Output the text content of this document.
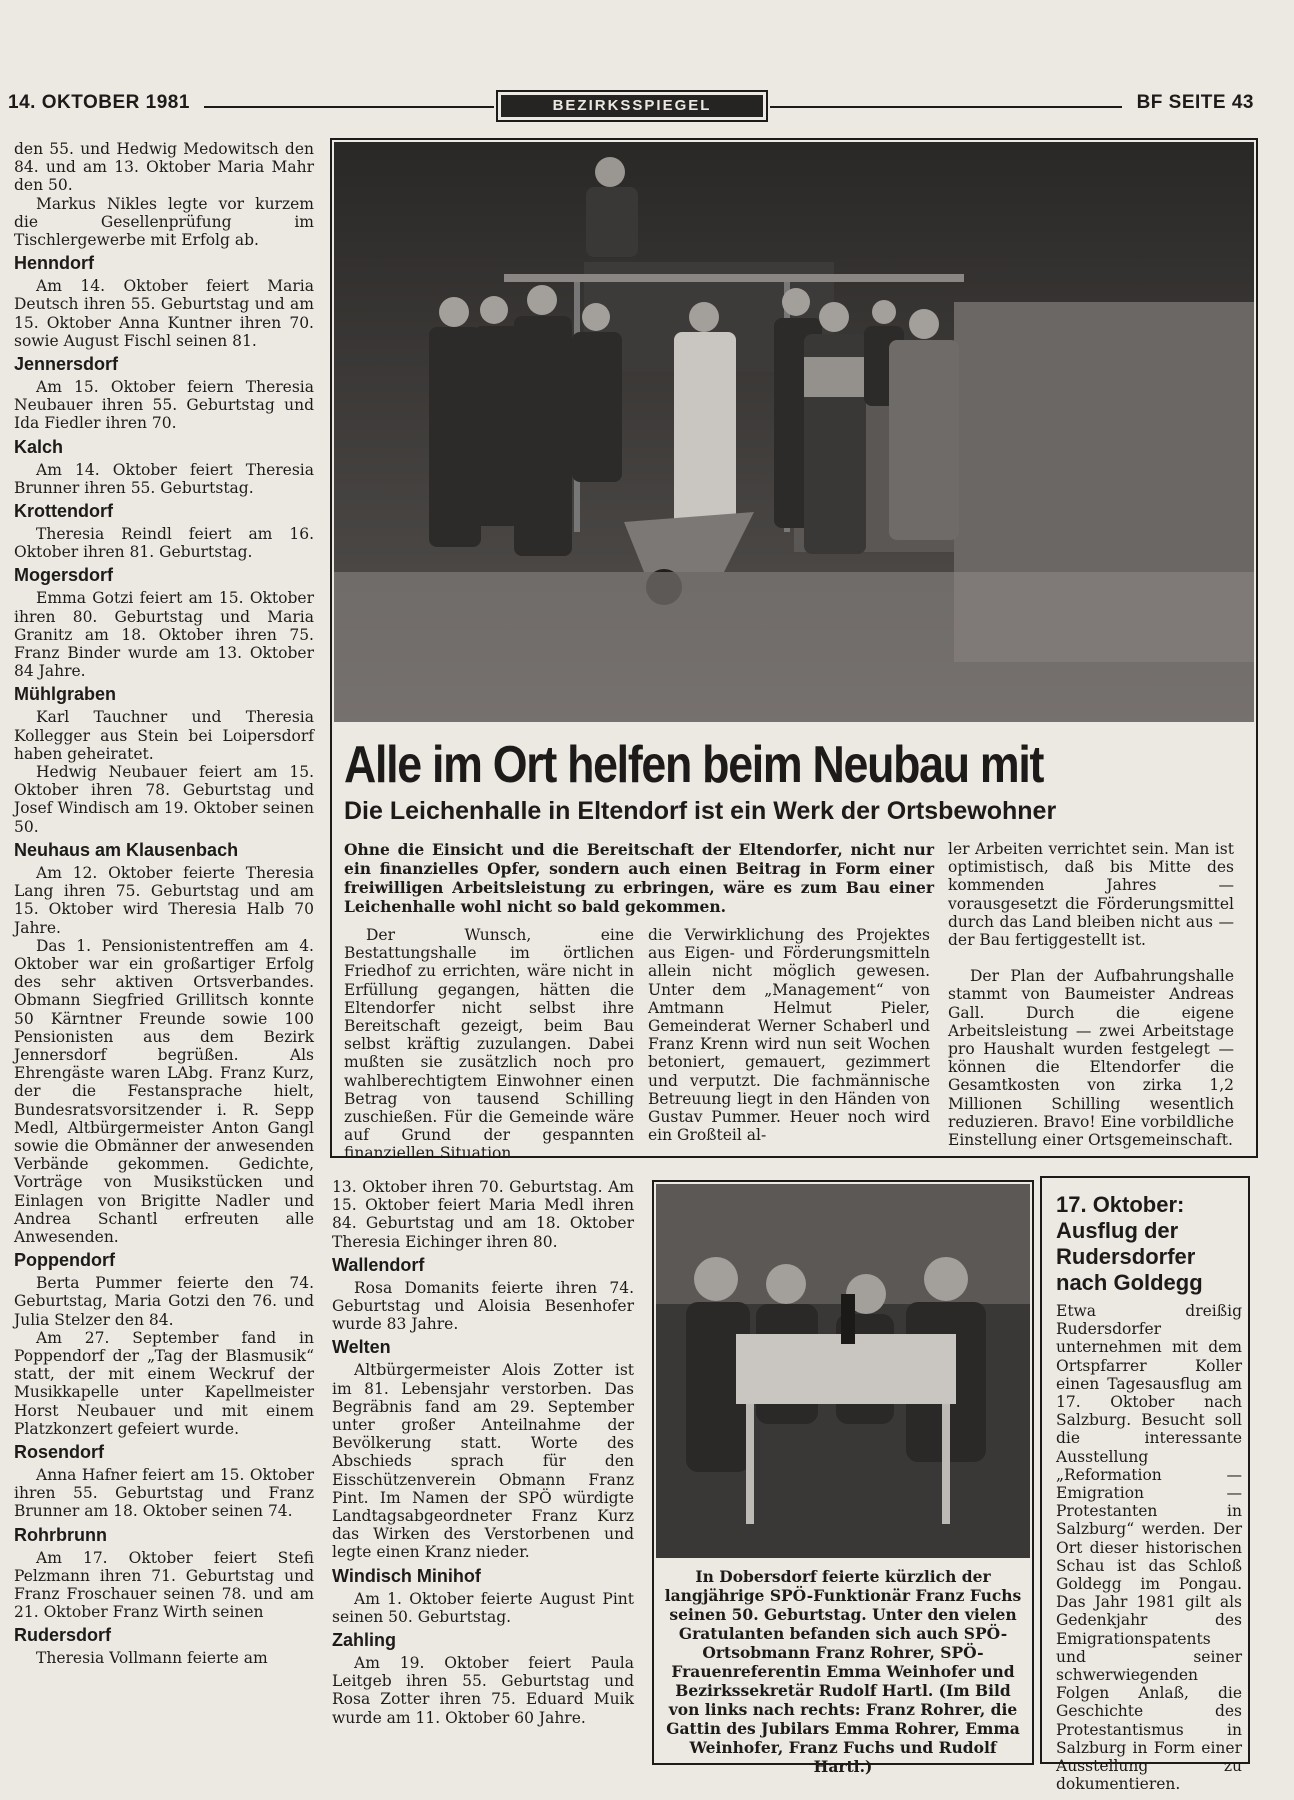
14. OKTOBER 1981	BEZIRKSSPIEGEL	BF SEITE 43

den 55. und Hedwig Medowitsch den 84. und am 13. Oktober Maria Mahr den 50.

Markus Nikles legte vor kurzem die Gesellenprüfung im Tischlergewerbe mit Erfolg ab.

Henndorf

Am 14. Oktober feiert Maria Deutsch ihren 55. Geburtstag und am 15. Oktober Anna Kuntner ihren 70. sowie August Fischl seinen 81.

Jennersdorf

Am 15. Oktober feiern Theresia Neubauer ihren 55. Geburtstag und Ida Fiedler ihren 70.

Kalch

Am 14. Oktober feiert Theresia Brunner ihren 55. Geburtstag.

Krottendorf

Theresia Reindl feiert am 16. Oktober ihren 81. Geburtstag.

Mogersdorf

Emma Gotzi feiert am 15. Oktober ihren 80. Geburtstag und Maria Granitz am 18. Oktober ihren 75. Franz Binder wurde am 13. Oktober 84 Jahre.

Mühlgraben

Karl Tauchner und Theresia Kollegger aus Stein bei Loipersdorf haben geheiratet.

Hedwig Neubauer feiert am 15. Oktober ihren 78. Geburtstag und Josef Windisch am 19. Oktober seinen 50.

Neuhaus am Klausenbach

Am 12. Oktober feierte Theresia Lang ihren 75. Geburtstag und am 15. Oktober wird Theresia Halb 70 Jahre.

Das 1. Pensionistentreffen am 4. Oktober war ein großartiger Erfolg des sehr aktiven Ortsverbandes. Obmann Siegfried Grillitsch konnte 50 Kärntner Freunde sowie 100 Pensionisten aus dem Bezirk Jennersdorf begrüßen. Als Ehrengäste waren LAbg. Franz Kurz, der die Festansprache hielt, Bundesratsvorsitzender i. R. Sepp Medl, Altbürgermeister Anton Gangl sowie die Obmänner der anwesenden Verbände gekommen. Gedichte, Vorträge von Musikstücken und Einlagen von Brigitte Nadler und Andrea Schantl erfreuten alle Anwesenden.

Poppendorf

Berta Pummer feierte den 74. Geburtstag, Maria Gotzi den 76. und Julia Stelzer den 84.

Am 27. September fand in Poppendorf der „Tag der Blasmusik“ statt, der mit einem Weckruf der Musikkapelle unter Kapellmeister Horst Neubauer und mit einem Platzkonzert gefeiert wurde.

Rosendorf

Anna Hafner feiert am 15. Oktober ihren 55. Geburtstag und Franz Brunner am 18. Oktober seinen 74.

Rohrbrunn

Am 17. Oktober feiert Stefi Pelzmann ihren 71. Geburtstag und Franz Froschauer seinen 78. und am 21. Oktober Franz Wirth seinen

Rudersdorf

Theresia Vollmann feierte am

Alle im Ort helfen beim Neubau mit
Die Leichenhalle in Eltendorf ist ein Werk der Ortsbewohner
Ohne die Einsicht und die Bereitschaft der Eltendorfer, nicht nur ein finanzielles Opfer, sondern auch einen Beitrag in Form einer freiwilligen Arbeitsleistung zu erbringen, wäre es zum Bau einer Leichenhalle wohl nicht so bald gekommen.

Der Wunsch, eine Bestattungshalle im örtlichen Friedhof zu errichten, wäre nicht in Erfüllung gegangen, hätten die Eltendorfer nicht selbst ihre Bereitschaft gezeigt, beim Bau selbst kräftig zuzulangen. Dabei mußten sie zusätzlich noch pro wahlberechtigtem Einwohner einen Betrag von tausend Schilling zuschießen. Für die Gemeinde wäre auf Grund der gespannten finanziellen Situation

die Verwirklichung des Projektes aus Eigen- und Förderungsmitteln allein nicht möglich gewesen. Unter dem „Management“ von Amtmann Helmut Pieler, Gemeinderat Werner Schaberl und Franz Krenn wird nun seit Wochen betoniert, gemauert, gezimmert und verputzt. Die fachmännische Betreuung liegt in den Händen von Gustav Pummer. Heuer noch wird ein Großteil al-

ler Arbeiten verrichtet sein. Man ist optimistisch, daß bis Mitte des kommenden Jahres — vorausgesetzt die Förderungsmittel durch das Land bleiben nicht aus — der Bau fertiggestellt ist.

Der Plan der Aufbahrungshalle stammt von Baumeister Andreas Gall. Durch die eigene Arbeitsleistung — zwei Arbeitstage pro Haushalt wurden festgelegt — können die Eltendorfer die Gesamtkosten von zirka 1,2 Millionen Schilling wesentlich reduzieren. Bravo! Eine vorbildliche Einstellung einer Ortsgemeinschaft.

13. Oktober ihren 70. Geburtstag. Am 15. Oktober feiert Maria Medl ihren 84. Geburtstag und am 18. Oktober Theresia Eichinger ihren 80.

Wallendorf

Rosa Domanits feierte ihren 74. Geburtstag und Aloisia Besenhofer wurde 83 Jahre.

Welten

Altbürgermeister Alois Zotter ist im 81. Lebensjahr verstorben. Das Begräbnis fand am 29. September unter großer Anteilnahme der Bevölkerung statt. Worte des Abschieds sprach für den Eisschützenverein Obmann Franz Pint. Im Namen der SPÖ würdigte Landtagsabgeordneter Franz Kurz das Wirken des Verstorbenen und legte einen Kranz nieder.

Windisch Minihof

Am 1. Oktober feierte August Pint seinen 50. Geburtstag.

Zahling

Am 19. Oktober feiert Paula Leitgeb ihren 55. Geburtstag und Rosa Zotter ihren 75. Eduard Muik wurde am 11. Oktober 60 Jahre.

In Dobersdorf feierte kürzlich der langjährige SPÖ-Funktionär Franz Fuchs seinen 50. Geburtstag. Unter den vielen Gratulanten befanden sich auch SPÖ-Ortsobmann Franz Rohrer, SPÖ-Frauenreferentin Emma Weinhofer und Bezirkssekretär Rudolf Hartl. (Im Bild von links nach rechts: Franz Rohrer, die Gattin des Jubilars Emma Rohrer, Emma Weinhofer, Franz Fuchs und Rudolf Hartl.)
17. Oktober: Ausflug der Rudersdorfer nach Goldegg
Etwa dreißig Rudersdorfer unternehmen mit dem Ortspfarrer Koller einen Tagesausflug am 17. Oktober nach Salzburg. Besucht soll die interessante Ausstellung „Reformation — Emigration — Protestanten in Salzburg“ werden. Der Ort dieser historischen Schau ist das Schloß Goldegg im Pongau. Das Jahr 1981 gilt als Gedenkjahr des Emigrationspatents und seiner schwerwiegenden Folgen Anlaß, die Geschichte des Protestantismus in Salzburg in Form einer Ausstellung zu dokumentieren.
